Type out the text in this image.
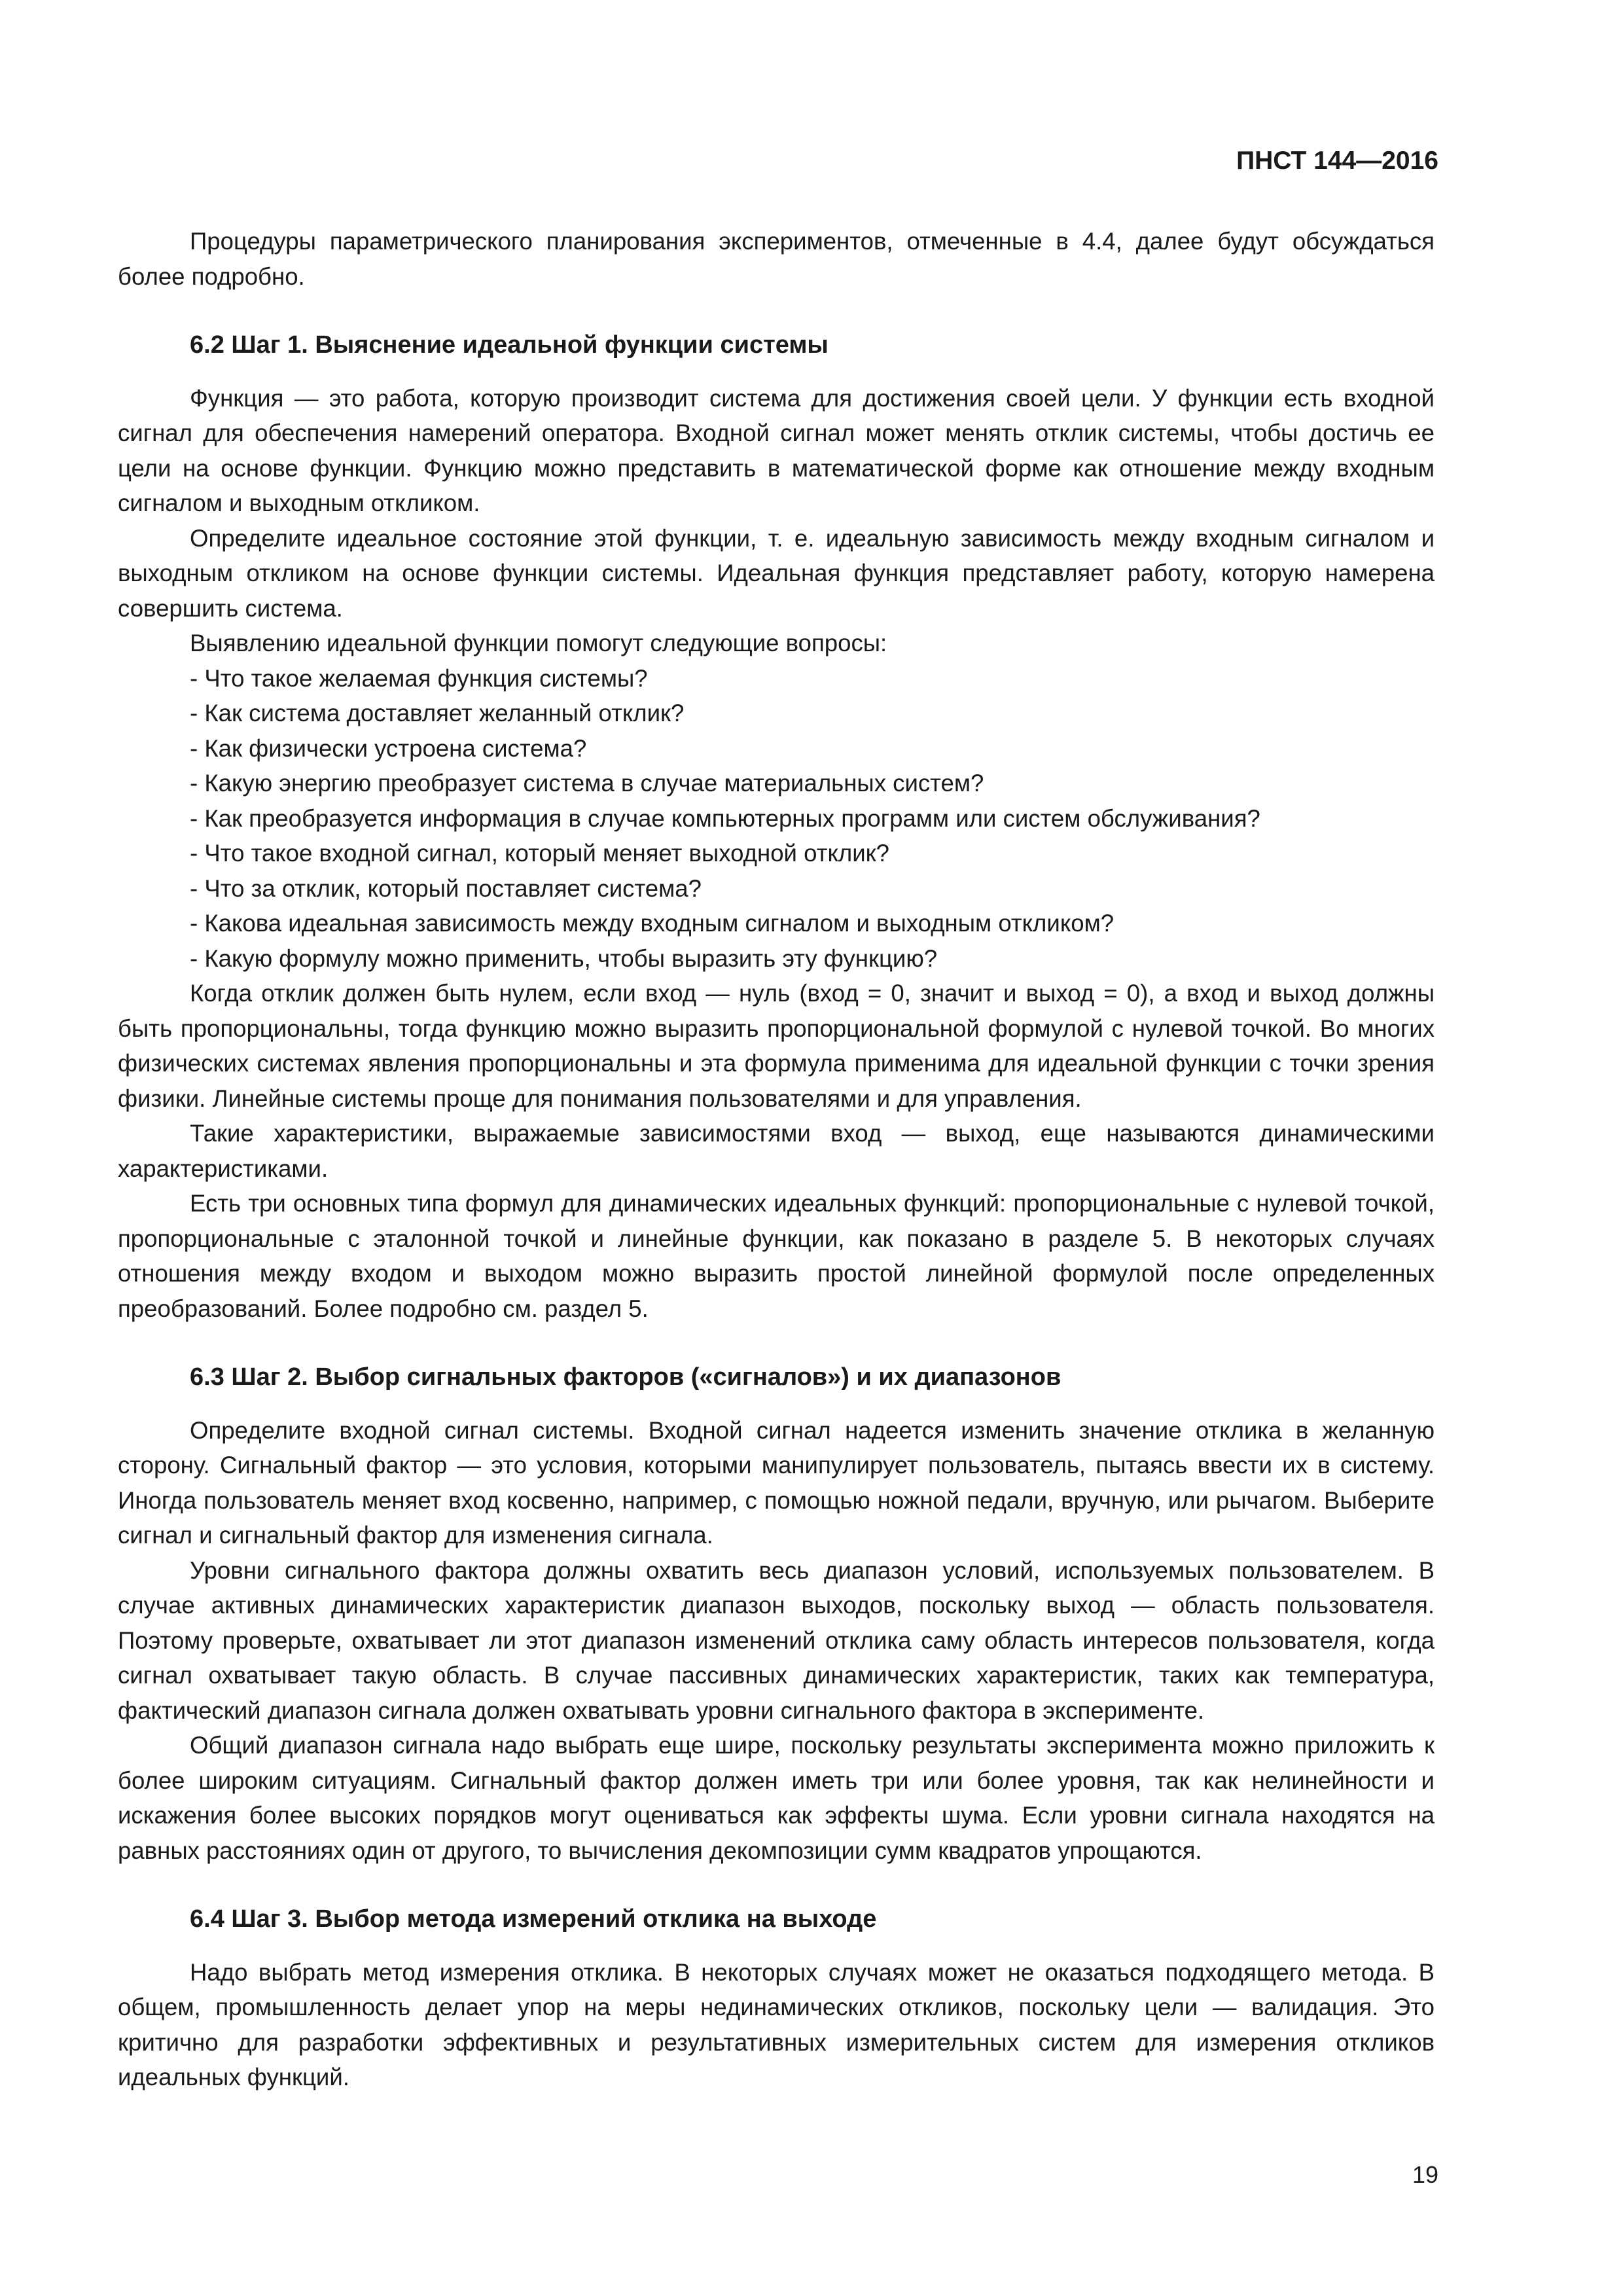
ПНСТ 144—2016

Процедуры параметрического планирования экспериментов, отмеченные в 4.4, далее будут обсуждаться более подробно.

6.2 Шаг 1. Выяснение идеальной функции системы

Функция — это работа, которую производит система для достижения своей цели. У функции есть входной сигнал для обеспечения намерений оператора. Входной сигнал может менять отклик системы, чтобы достичь ее цели на основе функции. Функцию можно представить в математической форме как отношение между входным сигналом и выходным откликом.

Определите идеальное состояние этой функции, т. е. идеальную зависимость между входным сигналом и выходным откликом на основе функции системы. Идеальная функция представляет работу, которую намерена совершить система.

Выявлению идеальной функции помогут следующие вопросы:

- Что такое желаемая функция системы?
- Как система доставляет желанный отклик?
- Как физически устроена система?
- Какую энергию преобразует система в случае материальных систем?
- Как преобразуется информация в случае компьютерных программ или систем обслуживания?
- Что такое входной сигнал, который меняет выходной отклик?
- Что за отклик, который поставляет система?
- Какова идеальная зависимость между входным сигналом и выходным откликом?
- Какую формулу можно применить, чтобы выразить эту функцию?

Когда отклик должен быть нулем, если вход — нуль (вход = 0, значит и выход = 0), а вход и выход должны быть пропорциональны, тогда функцию можно выразить пропорциональной формулой с нулевой точкой. Во многих физических системах явления пропорциональны и эта формула применима для идеальной функции с точки зрения физики. Линейные системы проще для понимания пользователями и для управления.

Такие характеристики, выражаемые зависимостями вход — выход, еще называются динамическими характеристиками.

Есть три основных типа формул для динамических идеальных функций: пропорциональные с нулевой точкой, пропорциональные с эталонной точкой и линейные функции, как показано в разделе 5. В некоторых случаях отношения между входом и выходом можно выразить простой линейной формулой после определенных преобразований. Более подробно см. раздел 5.

6.3 Шаг 2. Выбор сигнальных факторов («сигналов») и их диапазонов

Определите входной сигнал системы. Входной сигнал надеется изменить значение отклика в желанную сторону. Сигнальный фактор — это условия, которыми манипулирует пользователь, пытаясь ввести их в систему. Иногда пользователь меняет вход косвенно, например, с помощью ножной педали, вручную, или рычагом. Выберите сигнал и сигнальный фактор для изменения сигнала.

Уровни сигнального фактора должны охватить весь диапазон условий, используемых пользователем. В случае активных динамических характеристик диапазон выходов, поскольку выход — область пользователя. Поэтому проверьте, охватывает ли этот диапазон изменений отклика саму область интересов пользователя, когда сигнал охватывает такую область. В случае пассивных динамических характеристик, таких как температура, фактический диапазон сигнала должен охватывать уровни сигнального фактора в эксперименте.

Общий диапазон сигнала надо выбрать еще шире, поскольку результаты эксперимента можно приложить к более широким ситуациям. Сигнальный фактор должен иметь три или более уровня, так как нелинейности и искажения более высоких порядков могут оцениваться как эффекты шума. Если уровни сигнала находятся на равных расстояниях один от другого, то вычисления декомпозиции сумм квадратов упрощаются.

6.4 Шаг 3. Выбор метода измерений отклика на выходе

Надо выбрать метод измерения отклика. В некоторых случаях может не оказаться подходящего метода. В общем, промышленность делает упор на меры нединамических откликов, поскольку цели — валидация. Это критично для разработки эффективных и результативных измерительных систем для измерения откликов идеальных функций.

19
